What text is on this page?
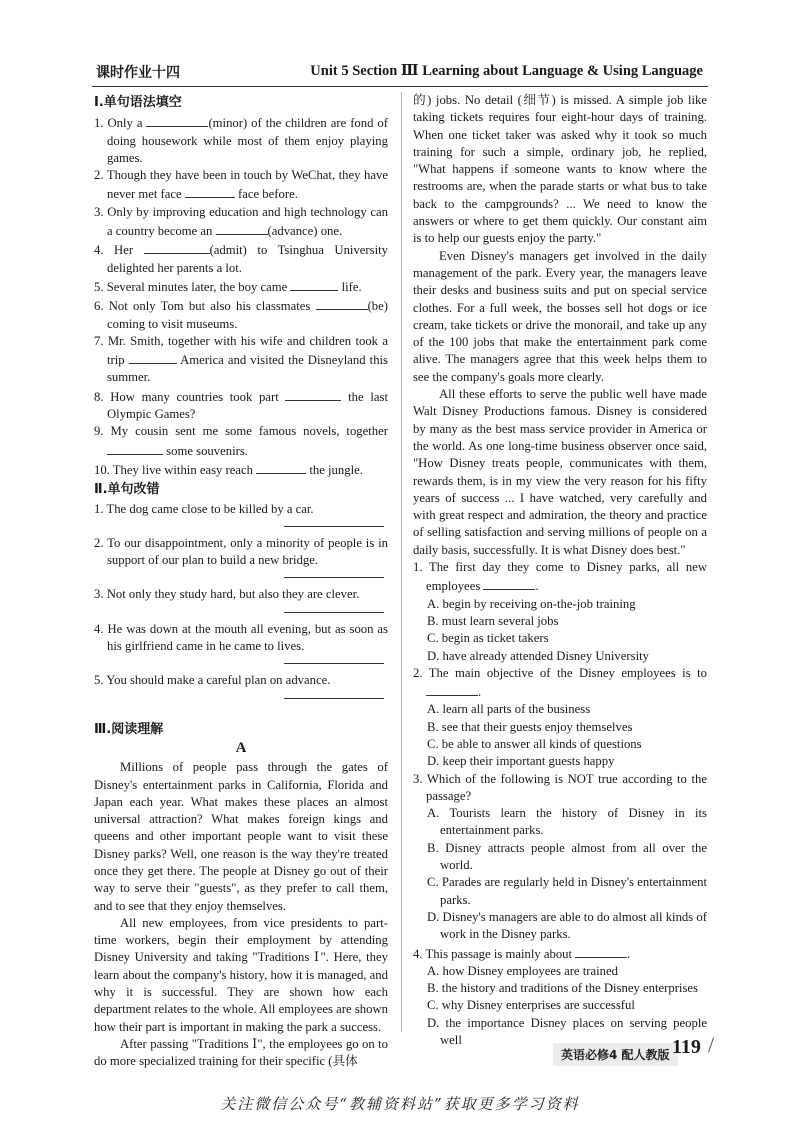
课时作业十四	Unit 5 Section Ⅲ Learning about Language & Using Language
Ⅰ.单句语法填空
1. Only a	(minor) of the children are fond of doing housework while most of them enjoy playing games.
2. Though they have been in touch by WeChat, they have never met face	face before.
3. Only by improving education and high technology can a country become an	(advance) one.
4. Her	(admit) to Tsinghua University delighted her parents a lot.
5. Several minutes later, the boy came	life.
6. Not only Tom but also his classmates	(be) coming to visit museums.
7. Mr. Smith, together with his wife and children took a trip	America and visited the Disneyland this summer.
8. How many countries took part	the last Olympic Games?
9. My cousin sent me some famous novels, together  some souvenirs.
10. They live within easy reach	the jungle.
Ⅱ.单句改错
1. The dog came close to be killed by a car.
2. To our disappointment, only a minority of people is in support of our plan to build a new bridge.
3. Not only they study hard, but also they are clever.
4. He was down at the mouth all evening, but as soon as his girlfriend came in he came to lives.
5. You should make a careful plan on advance.
Ⅲ.阅读理解
A

Millions of people pass through the gates of Disney's entertainment parks in California, Florida and Japan each year. What makes these places an almost universal attraction? What makes foreign kings and queens and other important people want to visit these Disney parks? Well, one reason is the way they're treated once they get there. The people at Disney go out of their way to serve their "guests", as they prefer to call them, and to see that they enjoy themselves.

All new employees, from vice presidents to part-time workers, begin their employment by attending Disney University and taking "Traditions Ⅰ". Here, they learn about the company's history, how it is managed, and why it is successful. They are shown how each department relates to the whole. All employees are shown how their part is important in making the park a success.

After passing "Traditions Ⅰ", the employees go on to do more specialized training for their specific (具体

的) jobs. No detail (细节) is missed. A simple job like taking tickets requires four eight-hour days of training. When one ticket taker was asked why it took so much training for such a simple, ordinary job, he replied, "What happens if someone wants to know where the restrooms are, when the parade starts or what bus to take back to the campgrounds? ... We need to know the answers or where to get them quickly. Our constant aim is to help our guests enjoy the party."

Even Disney's managers get involved in the daily management of the park. Every year, the managers leave their desks and business suits and put on special service clothes. For a full week, the bosses sell hot dogs or ice cream, take tickets or drive the monorail, and take up any of the 100 jobs that make the entertainment park come alive. The managers agree that this week helps them to see the company's goals more clearly.

All these efforts to serve the public well have made Walt Disney Productions famous. Disney is considered by many as the best mass service provider in America or the world. As one long-time business observer once said, "How Disney treats people, communicates with them, rewards them, is in my view the very reason for his fifty years of success ... I have watched, very carefully and with great respect and admiration, the theory and practice of selling satisfaction and serving millions of people on a daily basis, successfully. It is what Disney does best."

1. The first day they come to Disney parks, all new employees	.
A. begin by receiving on-the-job training
B. must learn several jobs
C. begin as ticket takers
D. have already attended Disney University
2. The main objective of the Disney employees is to .
A. learn all parts of the business
B. see that their guests enjoy themselves
C. be able to answer all kinds of questions
D. keep their important guests happy
3. Which of the following is NOT true according to the passage?
A. Tourists learn the history of Disney in its entertainment parks.
B. Disney attracts people almost from all over the world.
C. Parades are regularly held in Disney's entertainment parks.
D. Disney's managers are able to do almost all kinds of work in the Disney parks.
4. This passage is mainly about	.
A. how Disney employees are trained
B. the history and traditions of the Disney enterprises
C. why Disney enterprises are successful
D. the importance Disney places on serving people well
英语必修4 配人教版 119 /
关注微信公众号“教辅资料站”获取更多学习资料
